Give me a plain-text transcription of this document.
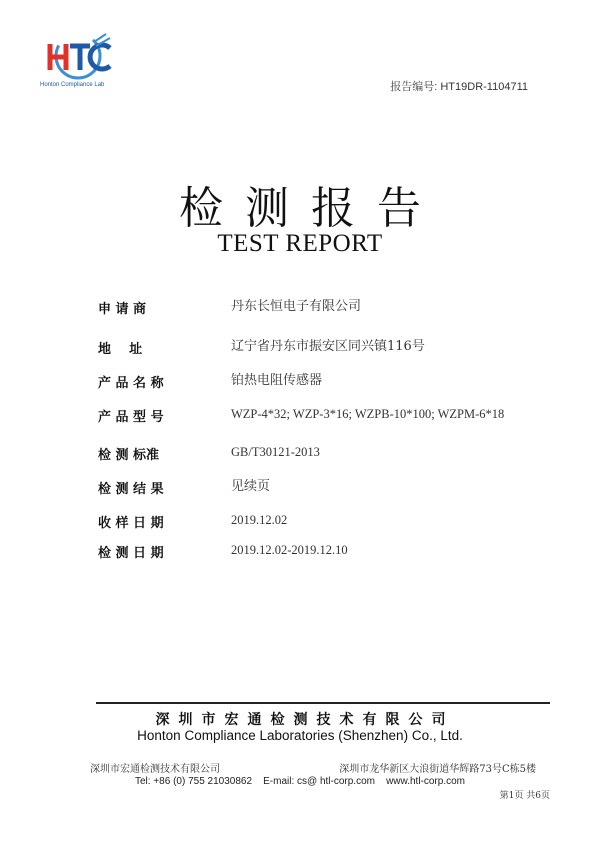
Honton Compliance Lab	报告编号: HT19DR-1104711
检测报告
TEST REPORT
申 请 商	丹东长恒电子有限公司
地    址	辽宁省丹东市振安区同兴镇116号
产 品 名 称	铂热电阻传感器
产 品 型 号	WZP-4*32; WZP-3*16; WZPB-10*100; WZPM-6*18
检 测 标准	GB/T30121-2013
检 测 结 果	见续页
收 样 日 期	2019.12.02
检 测 日 期	2019.12.02-2019.12.10
深圳市宏通检测技术有限公司
Honton Compliance Laboratories (Shenzhen) Co., Ltd.
深圳市宏通检测技术有限公司	深圳市龙华新区大浪街道华辉路73号C栋5楼
Tel: +86 (0) 755 21030862    E-mail: cs@ htl-corp.com    www.htl-corp.com
第1页 共6页
